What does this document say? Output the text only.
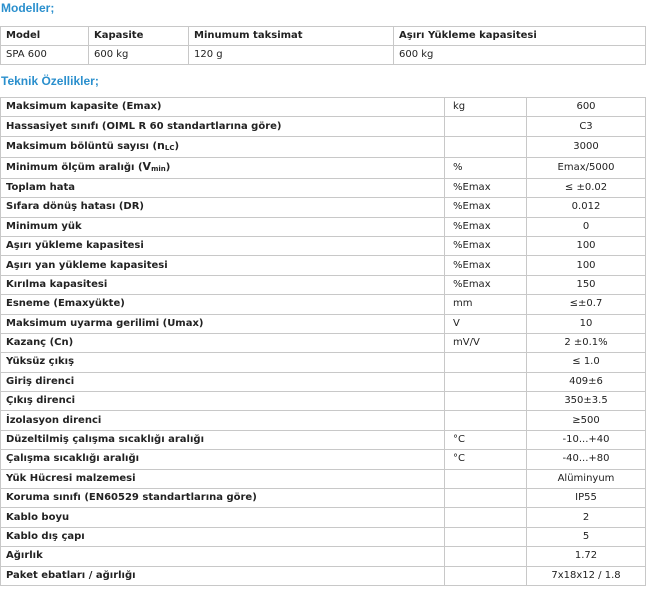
Modeller;
Model	Kapasite	Minumum taksimat	Aşırı Yükleme kapasitesi
SPA 600	600 kg	120 g	600 kg
Teknik Özellikler;
Maksimum kapasite (Emax)	kg	600
Hassasiyet sınıfı (OIML R 60 standartlarına göre)		C3
Maksimum bölüntü sayısı $(n_{LC})$		3000
Minimum ölçüm aralığı $(V_{min})$	%	Emax/5000
Toplam hata	%Emax	≤ ±0.02
Sıfara dönüş hatası (DR)	%Emax	0.012
Minimum yük	%Emax	0
Aşırı yükleme kapasitesi	%Emax	100
Aşırı yan yükleme kapasitesi	%Emax	100
Kırılma kapasitesi	%Emax	150
Esneme (Emaxyükte)	mm	≤±0.7
Maksimum uyarma gerilimi (Umax)	V	10
Kazanç (Cn)	mV/V	2 ±0.1%
Yüksüz çıkış		≤ 1.0
Giriş direnci		409±6
Çıkış direnci		350±3.5
İzolasyon direnci		≥500
Düzeltilmiş çalışma sıcaklığı aralığı	°C	-10...+40
Çalışma sıcaklığı aralığı	°C	-40...+80
Yük Hücresi malzemesi		Alüminyum
Koruma sınıfı (EN60529 standartlarına göre)		IP55
Kablo boyu		2
Kablo dış çapı		5
Ağırlık		1.72
Paket ebatları / ağırlığı		7x18x12 / 1.8
